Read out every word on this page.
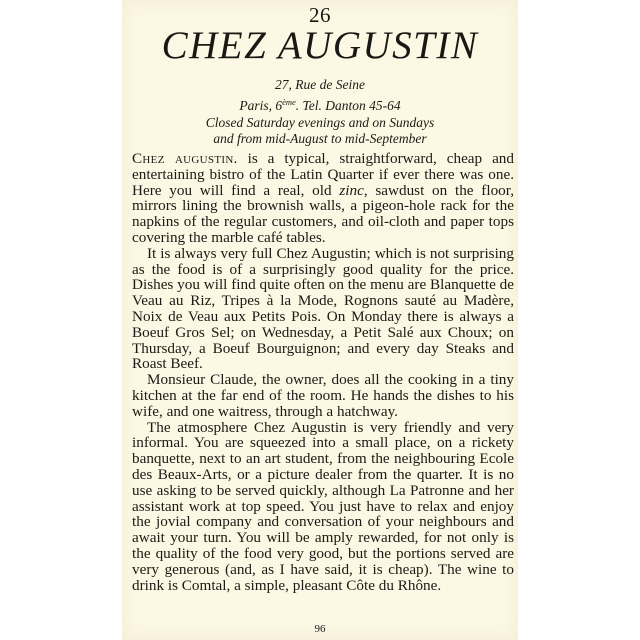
26
CHEZ AUGUSTIN
27, Rue de Seine
Paris, 6ème. Tel. Danton 45-64
Closed Saturday evenings and on Sundays
and from mid-August to mid-September

Chez augustin. is a typical, straightforward, cheap and entertaining bistro of the Latin Quarter if ever there was one. Here you will find a real, old zinc, sawdust on the floor, mirrors lining the brownish walls, a pigeon-hole rack for the napkins of the regular customers, and oil-cloth and paper tops covering the marble café tables.

It is always very full Chez Augustin; which is not surprising as the food is of a surprisingly good quality for the price. Dishes you will find quite often on the menu are Blanquette de Veau au Riz, Tripes à la Mode, Rognons sauté au Madère, Noix de Veau aux Petits Pois. On Monday there is always a Boeuf Gros Sel; on Wednesday, a Petit Salé aux Choux; on Thursday, a Boeuf Bourguignon; and every day Steaks and Roast Beef.

Monsieur Claude, the owner, does all the cooking in a tiny kitchen at the far end of the room. He hands the dishes to his wife, and one waitress, through a hatchway.

The atmosphere Chez Augustin is very friendly and very informal. You are squeezed into a small place, on a rickety banquette, next to an art student, from the neighbouring Ecole des Beaux-Arts, or a picture dealer from the quarter. It is no use asking to be served quickly, although La Patronne and her assistant work at top speed. You just have to relax and enjoy the jovial company and conversation of your neighbours and await your turn. You will be amply rewarded, for not only is the quality of the food very good, but the portions served are very generous (and, as I have said, it is cheap). The wine to drink is Comtal, a simple, pleasant Côte du Rhône.

96
